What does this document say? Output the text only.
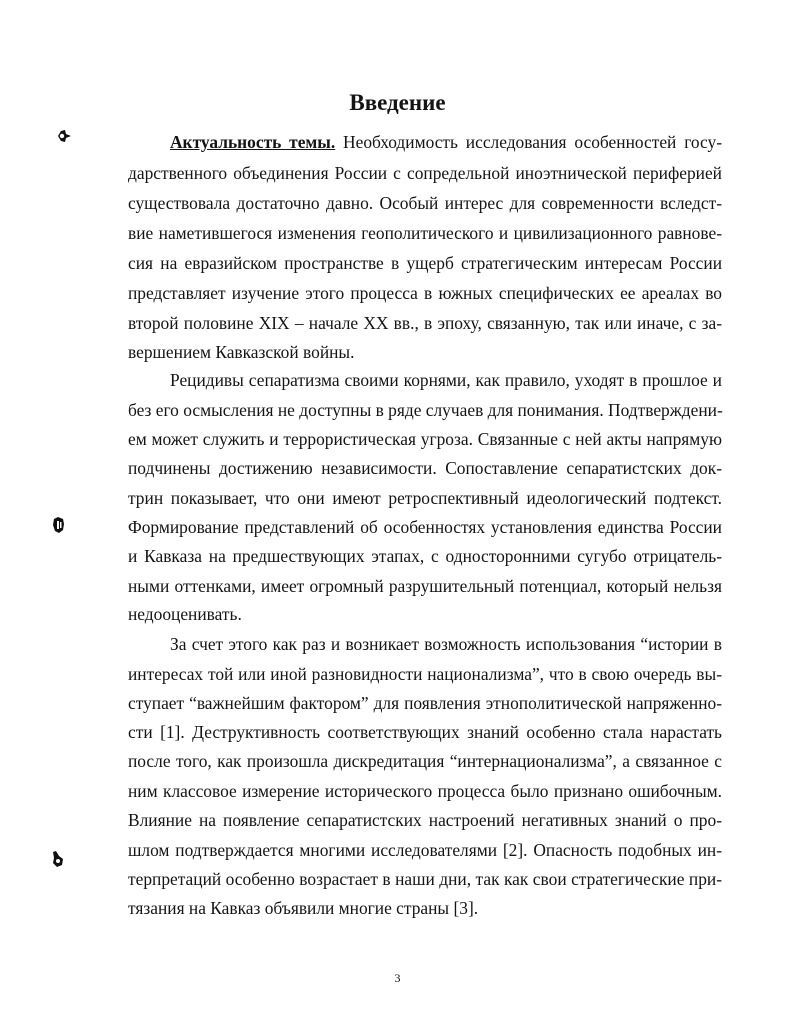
Введение
Актуальность темы. Необходимость исследования особенностей госу-
дарственного объединения России с сопредельной иноэтнической периферией
существовала достаточно давно. Особый интерес для современности вследст-
вие наметившегося изменения геополитического и цивилизационного равнове-
сия на евразийском пространстве в ущерб стратегическим интересам России
представляет изучение этого процесса в южных специфических ее ареалах во
второй половине XIX – начале XX вв., в эпоху, связанную, так или иначе, с за-
вершением Кавказской войны.
Рецидивы сепаратизма своими корнями, как правило, уходят в прошлое и
без его осмысления не доступны в ряде случаев для понимания. Подтверждени-
ем может служить и террористическая угроза. Связанные с ней акты напрямую
подчинены достижению независимости. Сопоставление сепаратистских док-
трин показывает, что они имеют ретроспективный идеологический подтекст.
Формирование представлений об особенностях установления единства России
и Кавказа на предшествующих этапах, с односторонними сугубо отрицатель-
ными оттенками, имеет огромный разрушительный потенциал, который нельзя
недооценивать.
За счет этого как раз и возникает возможность использования “истории в
интересах той или иной разновидности национализма”, что в свою очередь вы-
ступает “важнейшим фактором” для появления этнополитической напряженно-
сти [1]. Деструктивность соответствующих знаний особенно стала нарастать
после того, как произошла дискредитация “интернационализма”, а связанное с
ним классовое измерение исторического процесса было признано ошибочным.
Влияние на появление сепаратистских настроений негативных знаний о про-
шлом подтверждается многими исследователями [2]. Опасность подобных ин-
терпретаций особенно возрастает в наши дни, так как свои стратегические при-
тязания на Кавказ объявили многие страны [3].
3
